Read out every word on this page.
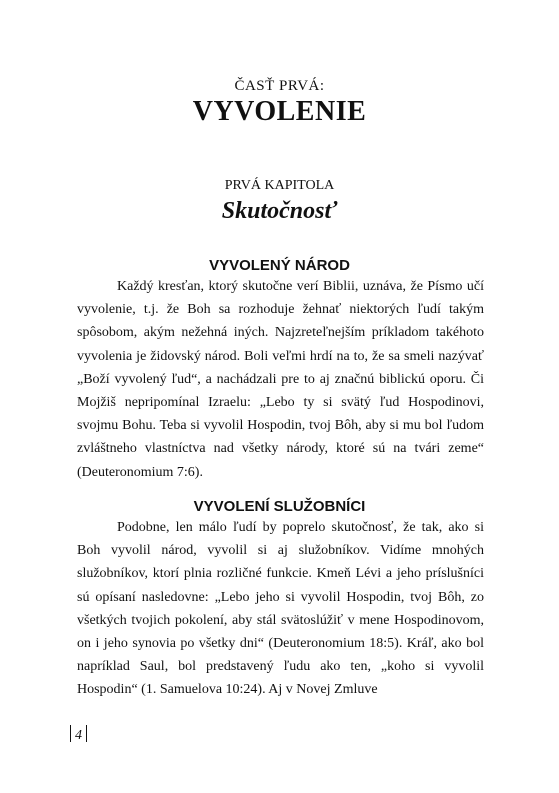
ČASŤ PRVÁ:
VYVOLENIE
PRVÁ KAPITOLA
Skutočnosť
VYVOLENÝ NÁROD

Každý kresťan, ktorý skutočne verí Biblii, uznáva, že Písmo učí vyvolenie, t.j. že Boh sa rozhoduje žehnať niektorých ľudí takým spôsobom, akým nežehná iných. Najzreteľnejším príkladom takéhoto vyvolenia je židovský národ. Boli veľmi hrdí na to, že sa smeli nazývať „Boží vyvolený ľud“, a nachádzali pre to aj značnú biblickú oporu. Či Mojžiš nepripomínal Izraelu: „Lebo ty si svätý ľud Hospodinovi, svojmu Bohu. Teba si vyvolil Hospodin, tvoj Bôh, aby si mu bol ľudom zvláštneho vlastníctva nad všetky národy, ktoré sú na tvári zeme“ (Deuteronomium 7:6).

VYVOLENÍ SLUŽOBNÍCI

Podobne, len málo ľudí by poprelo skutočnosť, že tak, ako si Boh vyvolil národ, vyvolil si aj služobníkov. Vidíme mnohých služobníkov, ktorí plnia rozličné funkcie. Kmeň Lévi a jeho príslušníci sú opísaní nasledovne: „Lebo jeho si vyvolil Hospodin, tvoj Bôh, zo všetkých tvojich pokolení, aby stál svätoslúžiť v mene Hospodinovom, on i jeho synovia po všetky dni“ (Deuteronomium 18:5). Kráľ, ako bol napríklad Saul, bol predstavený ľudu ako ten, „koho si vyvolil Hospodin“ (1. Samuelova 10:24). Aj v Novej Zmluve

4
